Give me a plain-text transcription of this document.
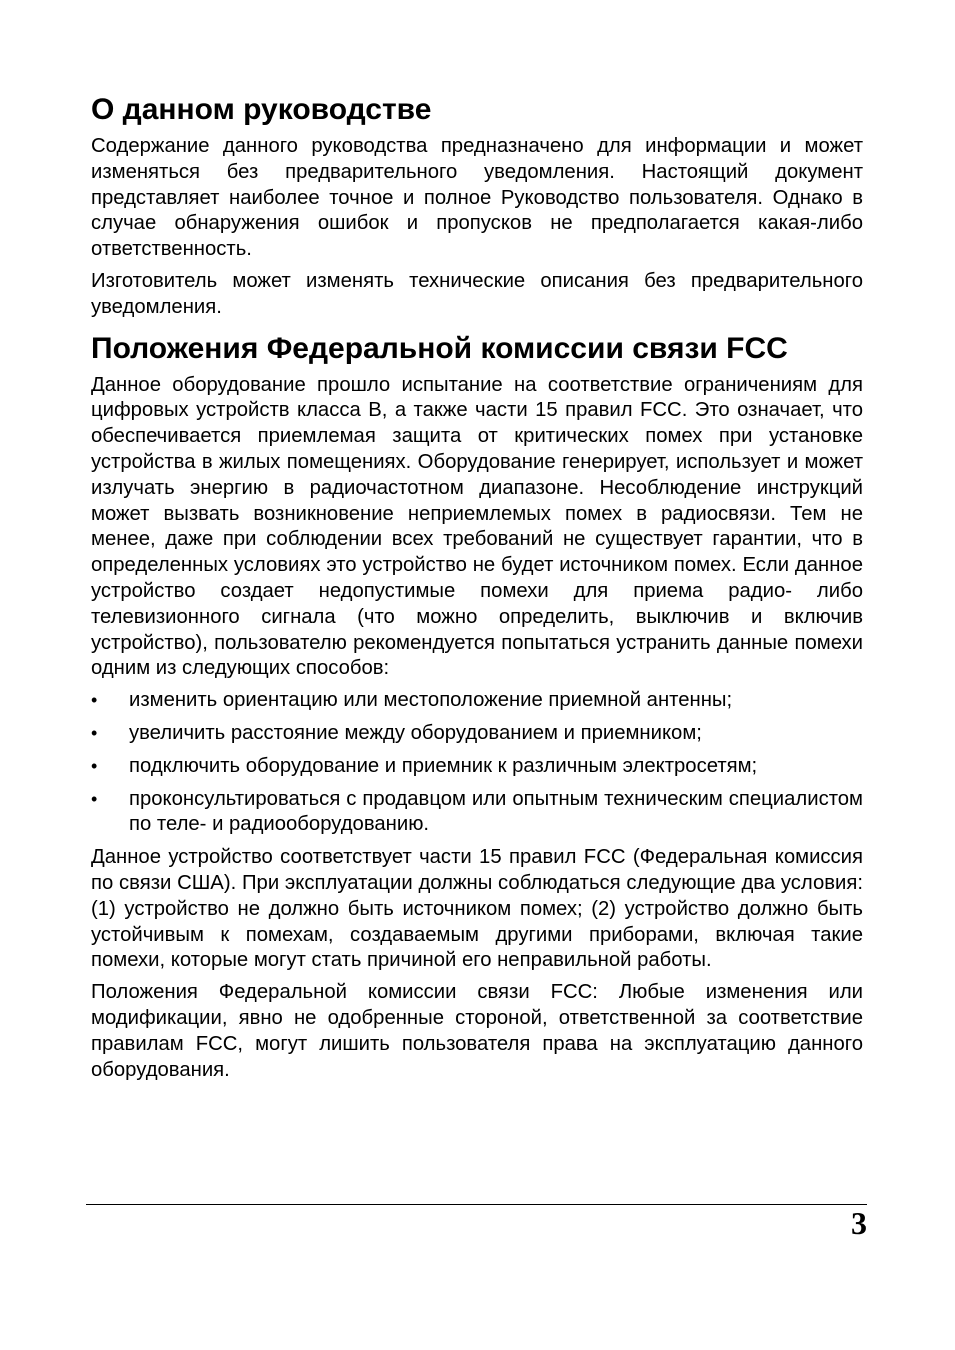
О данном руководстве

Содержание данного руководства предназначено для информации и может изменяться без предварительного уведомления. Настоящий документ представляет наиболее точное и полное Руководство пользователя. Однако в случае обнаружения ошибок и пропусков не предполагается какая-либо ответственность.

Изготовитель может изменять технические описания без предварительного уведомления.

Положения Федеральной комиссии связи FCC

Данное оборудование прошло испытание на соответствие ограничениям для цифровых устройств класса B, а также части 15 правил FCC. Это означает, что обеспечивается приемлемая защита от критических помех при установке устройства в жилых помещениях. Оборудование генерирует, использует и может излучать энергию в радиочастотном диапазоне. Несоблюдение инструкций может вызвать возникновение неприемлемых помех в радиосвязи. Тем не менее, даже при соблюдении всех требований не существует гарантии, что в определенных условиях это устройство не будет источником помех. Если данное устройство создает недопустимые помехи для приема радио- либо телевизионного сигнала (что можно определить, выключив и включив устройство), пользователю рекомендуется попытаться устранить данные помехи одним из следующих способов:

•	изменить ориентацию или местоположение приемной антенны;
•	увеличить расстояние между оборудованием и приемником;
•	подключить оборудование и приемник к различным электросетям;
•	проконсультироваться с продавцом или опытным техническим специалистом по теле- и радиооборудованию.

Данное устройство соответствует части 15 правил FCC (Федеральная комиссия по связи США). При эксплуатации должны соблюдаться следующие два условия: (1) устройство не должно быть источником помех; (2) устройство должно быть устойчивым к помехам, создаваемым другими приборами, включая такие помехи, которые могут стать причиной его неправильной работы.

Положения Федеральной комиссии связи FCC: Любые изменения или модификации, явно не одобренные стороной, ответственной за соответствие правилам FCC, могут лишить пользователя права на эксплуатацию данного оборудования.

3
